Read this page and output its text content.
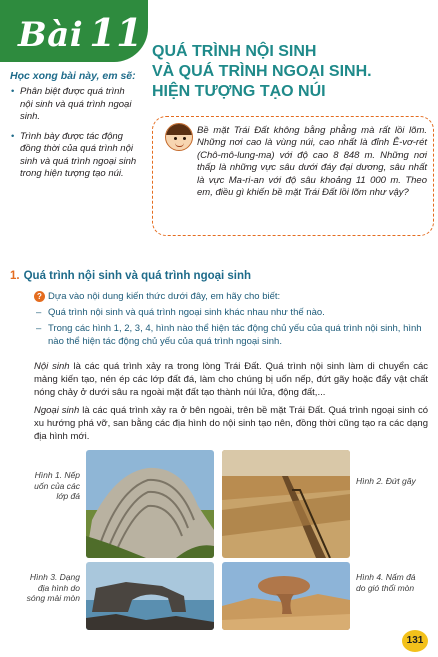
Bài 11 QUÁ TRÌNH NỘI SINH
VÀ QUÁ TRÌNH NGOẠI SINH.
HIỆN TƯỢNG TẠO NÚI
Học xong bài này, em sẽ:
• Phân biệt được quá trình nội sinh và quá trình ngoại sinh.
• Trình bày được tác động đồng thời của quá trình nội sinh và quá trình ngoại sinh trong hiện tượng tạo núi.
Bề mặt Trái Đất không bằng phẳng mà rất lồi lõm. Những nơi cao là vùng núi, cao nhất là đỉnh Ê-vơ-rét (Chô-mô-lung-ma) với độ cao 8 848 m. Những nơi thấp là những vực sâu dưới đáy đại dương, sâu nhất là vực Ma-ri-an với độ sâu khoảng 11 000 m. Theo em, điều gì khiến bề mặt Trái Đất lồi lõm như vậy?
1. Quá trình nội sinh và quá trình ngoại sinh
? Dựa vào nội dung kiến thức dưới đây, em hãy cho biết:
– Quá trình nội sinh và quá trình ngoại sinh khác nhau như thế nào.
– Trong các hình 1, 2, 3, 4, hình nào thể hiện tác động chủ yếu của quá trình nội sinh, hình nào thể hiện tác động chủ yếu của quá trình ngoại sinh.
Nội sinh là các quá trình xảy ra trong lòng Trái Đất. Quá trình nội sinh làm di chuyển các mảng kiến tạo, nén ép các lớp đất đá, làm cho chúng bị uốn nếp, đứt gãy hoặc đẩy vật chất nóng chảy ở dưới sâu ra ngoài mặt đất tạo thành núi lửa, động đất,...
Ngoại sinh là các quá trình xảy ra ở bên ngoài, trên bề mặt Trái Đất. Quá trình ngoại sinh có xu hướng phá vỡ, san bằng các địa hình do nội sinh tạo nên, đồng thời cũng tạo ra các dạng địa hình mới.
Hình 1. Nếp uốn của các lớp đá
Hình 2. Đứt gãy
Hình 3. Dạng địa hình do sóng mài mòn
Hình 4. Nấm đá do gió thổi mòn
131
